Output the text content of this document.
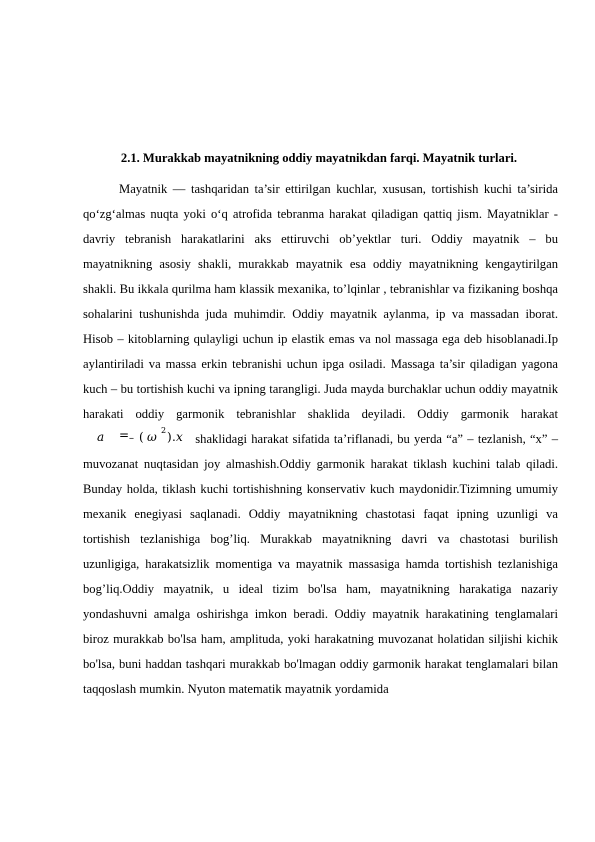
2.1. Murakkab mayatnikning oddiy mayatnikdan farqi. Mayatnik turlari.

Mayatnik — tashqaridan ta’sir ettirilgan kuchlar, xususan, tortishish kuchi ta’sirida qo‘zg‘almas nuqta yoki o‘q atrofida tebranma harakat qiladigan qattiq jism. Mayatniklar - davriy tebranish harakatlarini aks ettiruvchi ob’yektlar turi. Oddiy mayatnik – bu mayatnikning asosiy shakli, murakkab mayatnik esa oddiy mayatnikning kengaytirilgan shakli. Bu ikkala qurilma ham klassik mexanika, to’lqinlar , tebranishlar va fizikaning boshqa sohalarini tushunishda juda muhimdir. Oddiy mayatnik aylanma, ip va massadan iborat. Hisob – kitoblarning qulayligi uchun ip elastik emas va nol massaga ega deb hisoblanadi.Ip aylantiriladi va massa erkin tebranishi uchun ipga osiladi. Massaga ta’sir qiladigan yagona kuch – bu tortishish kuchi va ipning tarangligi. Juda mayda burchaklar uchun oddiy mayatnik harakati oddiy garmonik tebranishlar shaklida deyiladi. Oddiy garmonik harakat
a = – ( ω 2 ) . x shaklidagi harakat sifatida ta’riflanadi, bu yerda “a” – tezlanish, “x” – muvozanat nuqtasidan joy almashish.Oddiy garmonik harakat tiklash kuchini talab qiladi. Bunday holda, tiklash kuchi tortishishning konservativ kuch maydonidir.Tizimning umumiy mexanik enegiyasi saqlanadi. Oddiy mayatnikning chastotasi faqat ipning uzunligi va tortishish tezlanishiga bog’liq. Murakkab mayatnikning davri va chastotasi burilish uzunligiga, harakatsizlik momentiga va mayatnik massasiga hamda tortishish tezlanishiga bog’liq.Oddiy mayatnik, u ideal tizim bo'lsa ham, mayatnikning harakatiga nazariy yondashuvni amalga oshirishga imkon beradi. Oddiy mayatnik harakatining tenglamalari biroz murakkab bo'lsa ham, amplituda, yoki harakatning muvozanat holatidan siljishi kichik bo'lsa, buni haddan tashqari murakkab bo'lmagan oddiy garmonik harakat tenglamalari bilan taqqoslash mumkin. Nyuton matematik mayatnik yordamida
